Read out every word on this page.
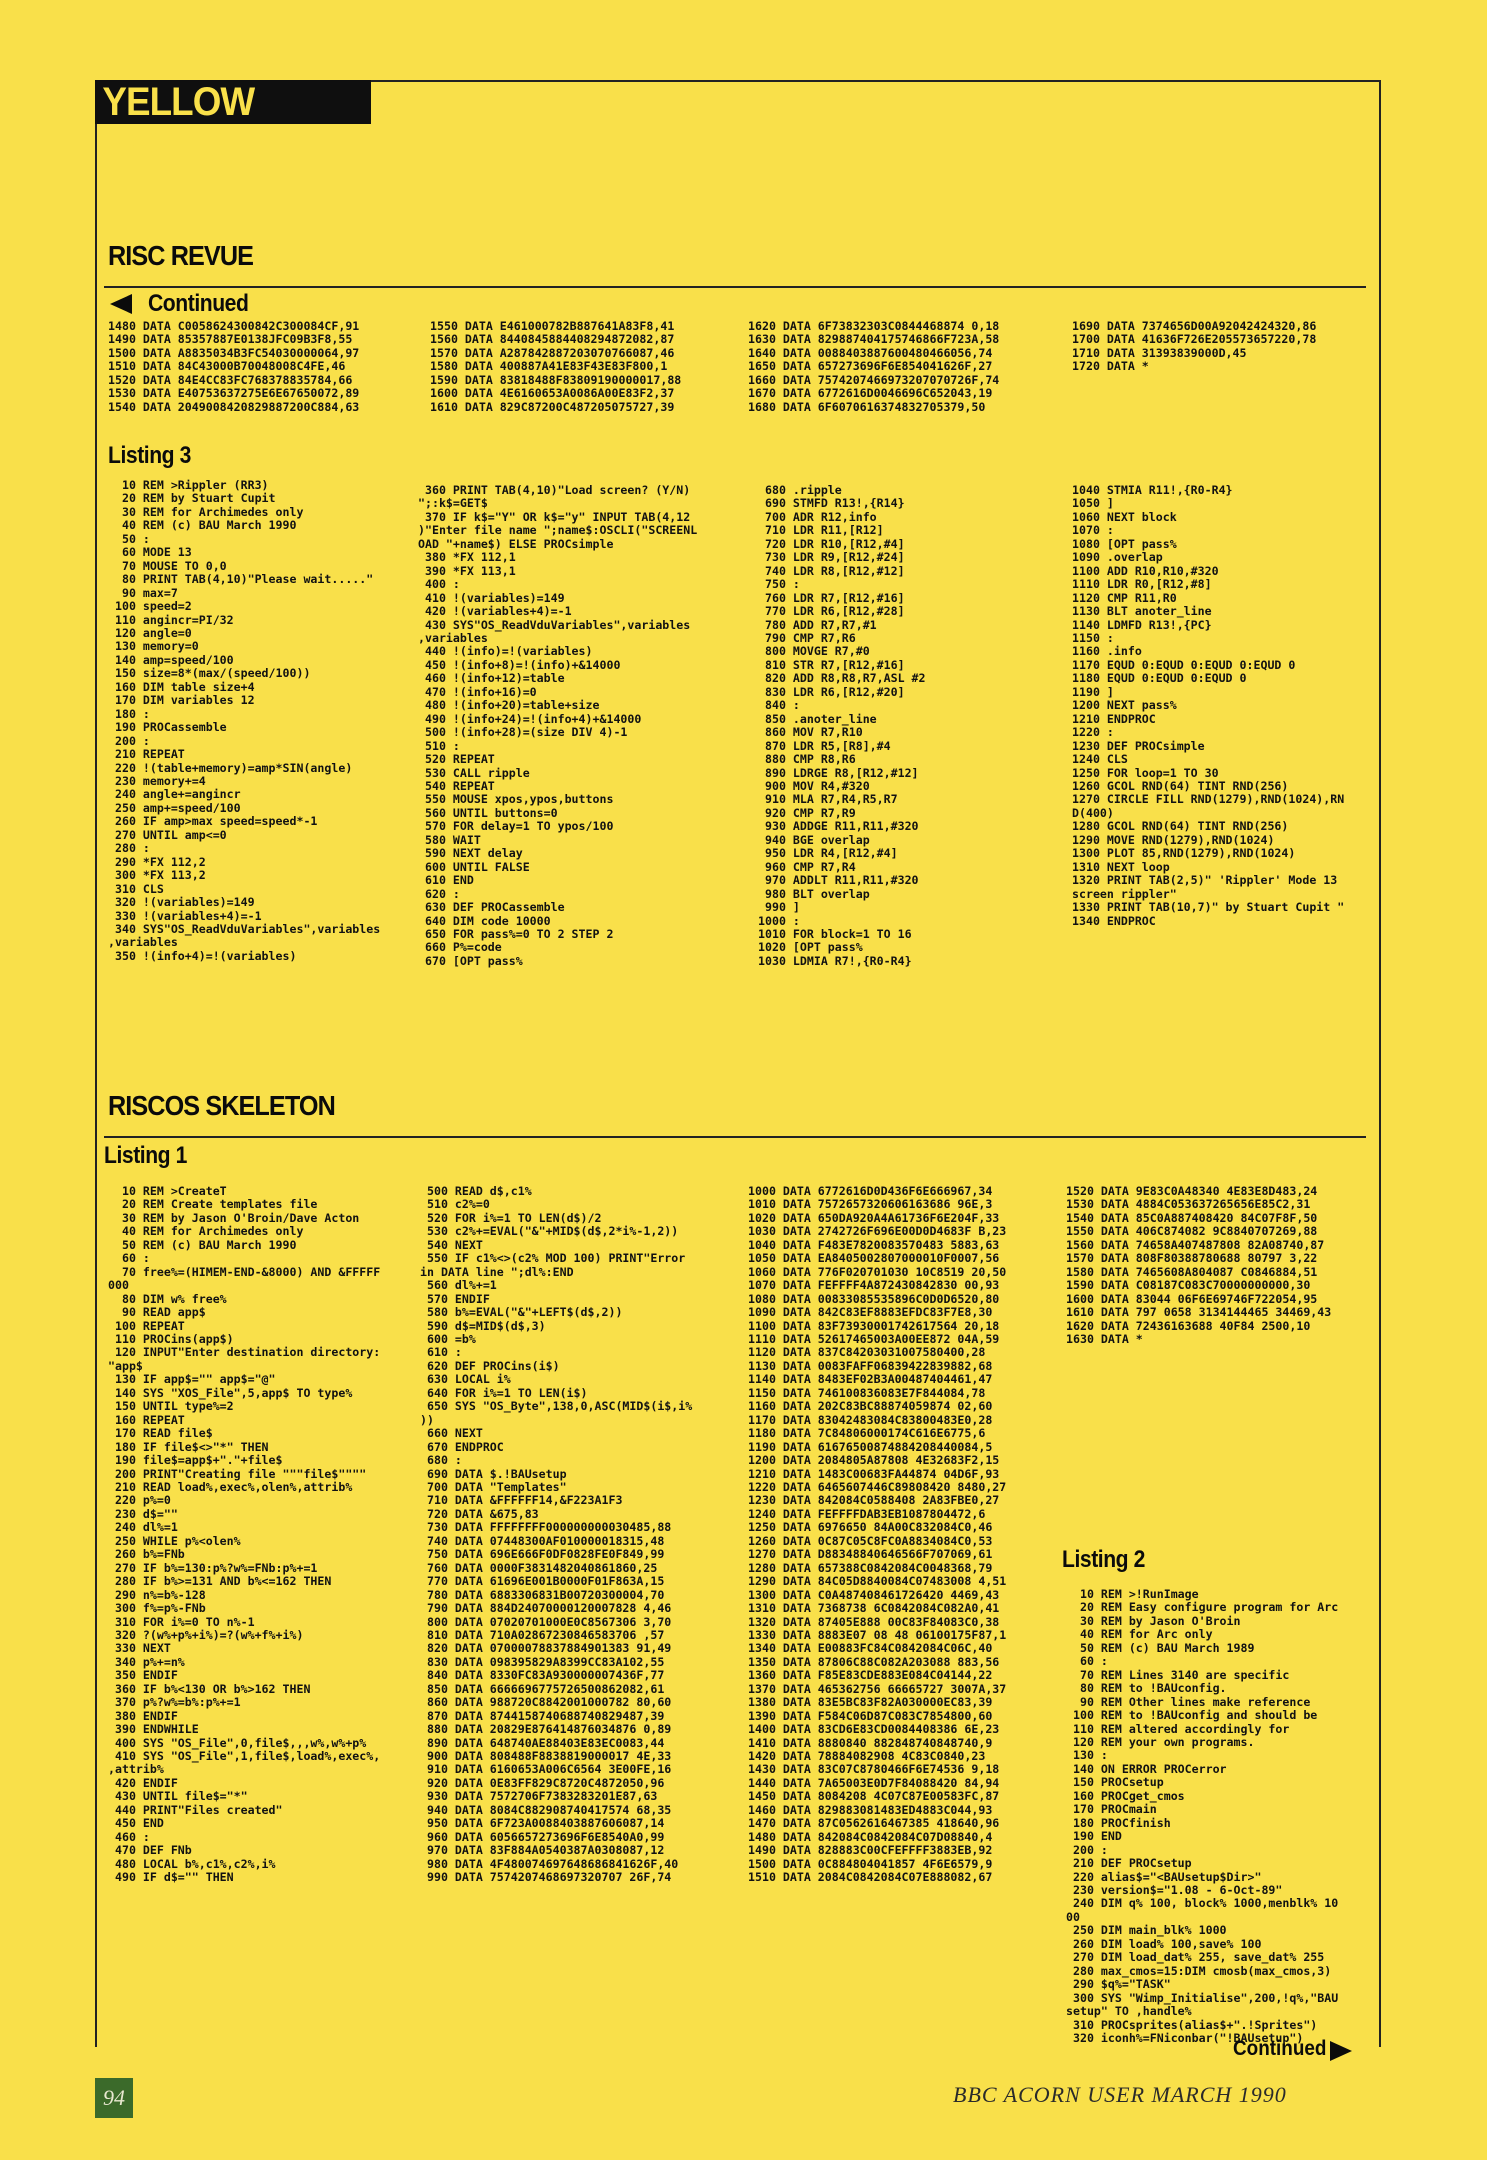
YELLOW PAGES
RISC REVUE
Continued
1480 DATA C0058624300842C300084CF,91
1490 DATA 85357887E0138JFC09B3F8,55
1500 DATA A8835034B3FC54030000064,97
1510 DATA 84C43000B70048008C4FE,46
1520 DATA 84E4CC83FC768378835784,66
1530 DATA E40753637275E6E67650072,89
1540 DATA 2049008420829887200C884,63
1550 DATA E461000782B887641A83F8,41
1560 DATA 8440845884408294872082,87
1570 DATA A287842887203070766087,46
1580 DATA 400887A41E83F43E83F800,1
1590 DATA 83818488F83809190000017,88
1600 DATA 4E6160653A0086A00E83F2,37
1610 DATA 829C87200C487205075727,39
1620 DATA 6F73832303C0844468874 0,18
1630 DATA 829887404175746866F723A,58
1640 DATA 0088403887600480466056,74
1650 DATA 657273696F6E854041626F,27
1660 DATA 7574207466973207070726F,74
1670 DATA 6772616D0046696C652043,19
1680 DATA 6F6070616374832705379,50
1690 DATA 7374656D00A92042424320,86
1700 DATA 41636F726E205573657220,78
1710 DATA 31393839000D,45
1720 DATA *
Listing 3
10 REM >Rippler (RR3)
20 REM by Stuart Cupit
30 REM for Archimedes only
40 REM (c) BAU March 1990
50 :
60 MODE 13
70 MOUSE TO 0,0
80 PRINT TAB(4,10)"Please wait....."
90 max=7
100 speed=2
110 angincr=PI/32
120 angle=0
130 memory=0
140 amp=speed/100
150 size=8*(max/(speed/100))
160 DIM table size+4
170 DIM variables 12
180 :
190 PROCassemble
200 :
210 REPEAT
220 !(table+memory)=amp*SIN(angle)
230 memory+=4
240 angle+=angincr
250 amp+=speed/100
260 IF amp>max speed=speed*-1
270 UNTIL amp<=0
280 :
290 *FX 112,2
300 *FX 113,2
310 CLS
320 !(variables)=149
330 !(variables+4)=-1
340 SYS"OS_ReadVduVariables",variables
,variables
350 !(info+4)=!(variables)
360 PRINT TAB(4,10)"Load screen? (Y/N)
";:k$=GET$
370 IF k$="Y" OR k$="y" INPUT TAB(4,12
)"Enter file name ";name$:OSCLI("SCREENL
OAD "+name$) ELSE PROCsimple
380 *FX 112,1
390 *FX 113,1
400 :
410 !(variables)=149
420 !(variables+4)=-1
430 SYS"OS_ReadVduVariables",variables
,variables
440 !(info)=!(variables)
450 !(info+8)=!(info)+&14000
460 !(info+12)=table
470 !(info+16)=0
480 !(info+20)=table+size
490 !(info+24)=!(info+4)+&14000
500 !(info+28)=(size DIV 4)-1
510 :
520 REPEAT
530 CALL ripple
540 REPEAT
550 MOUSE xpos,ypos,buttons
560 UNTIL buttons=0
570 FOR delay=1 TO ypos/100
580 WAIT
590 NEXT delay
600 UNTIL FALSE
610 END
620 :
630 DEF PROCassemble
640 DIM code 10000
650 FOR pass%=0 TO 2 STEP 2
660 P%=code
670 [OPT pass%
680 .ripple
690 STMFD R13!,{R14}
700 ADR R12,info
710 LDR R11,[R12]
720 LDR R10,[R12,#4]
730 LDR R9,[R12,#24]
740 LDR R8,[R12,#12]
750 :
760 LDR R7,[R12,#16]
770 LDR R6,[R12,#28]
780 ADD R7,R7,#1
790 CMP R7,R6
800 MOVGE R7,#0
810 STR R7,[R12,#16]
820 ADD R8,R8,R7,ASL #2
830 LDR R6,[R12,#20]
840 :
850 .anoter_line
860 MOV R7,R10
870 LDR R5,[R8],#4
880 CMP R8,R6
890 LDRGE R8,[R12,#12]
900 MOV R4,#320
910 MLA R7,R4,R5,R7
920 CMP R7,R9
930 ADDGE R11,R11,#320
940 BGE overlap
950 LDR R4,[R12,#4]
960 CMP R7,R4
970 ADDLT R11,R11,#320
980 BLT overlap
990 ]
1000 :
1010 FOR block=1 TO 16
1020 [OPT pass%
1030 LDMIA R7!,{R0-R4}
1040 STMIA R11!,{R0-R4}
1050 ]
1060 NEXT block
1070 :
1080 [OPT pass%
1090 .overlap
1100 ADD R10,R10,#320
1110 LDR R0,[R12,#8]
1120 CMP R11,R0
1130 BLT anoter_line
1140 LDMFD R13!,{PC}
1150 :
1160 .info
1170 EQUD 0:EQUD 0:EQUD 0:EQUD 0
1180 EQUD 0:EQUD 0:EQUD 0
1190 ]
1200 NEXT pass%
1210 ENDPROC
1220 :
1230 DEF PROCsimple
1240 CLS
1250 FOR loop=1 TO 30
1260 GCOL RND(64) TINT RND(256)
1270 CIRCLE FILL RND(1279),RND(1024),RN
D(400)
1280 GCOL RND(64) TINT RND(256)
1290 MOVE RND(1279),RND(1024)
1300 PLOT 85,RND(1279),RND(1024)
1310 NEXT loop
1320 PRINT TAB(2,5)" 'Rippler' Mode 13
screen rippler"
1330 PRINT TAB(10,7)" by Stuart Cupit "
1340 ENDPROC
RISCOS SKELETON
Listing 1
10 REM >CreateT
20 REM Create templates file
30 REM by Jason O'Broin/Dave Acton
40 REM for Archimedes only
50 REM (c) BAU March 1990
60 :
70 free%=(HIMEM-END-&8000) AND &FFFFF
000
80 DIM w% free%
90 READ app$
100 REPEAT
110 PROCins(app$)
120 INPUT"Enter destination directory:
"app$
130 IF app$="" app$="@"
140 SYS "XOS_File",5,app$ TO type%
150 UNTIL type%=2
160 REPEAT
170 READ file$
180 IF file$<>"*" THEN
190 file$=app$+"."+file$
200 PRINT"Creating file """file$""""
210 READ load%,exec%,olen%,attrib%
220 p%=0
230 d$=""
240 dl%=1
250 WHILE p%<olen%
260 b%=FNb
270 IF b%=130:p%?w%=FNb:p%+=1
280 IF b%>=131 AND b%<=162 THEN
290 n%=b%-128
300 f%=p%-FNb
310 FOR i%=0 TO n%-1
320 ?(w%+p%+i%)=?(w%+f%+i%)
330 NEXT
340 p%+=n%
350 ENDIF
360 IF b%<130 OR b%>162 THEN
370 p%?w%=b%:p%+=1
380 ENDIF
390 ENDWHILE
400 SYS "OS_File",0,file$,,,w%,w%+p%
410 SYS "OS_File",1,file$,load%,exec%,
,attrib%
420 ENDIF
430 UNTIL file$="*"
440 PRINT"Files created"
450 END
460 :
470 DEF FNb
480 LOCAL b%,c1%,c2%,i%
490 IF d$="" THEN
500 READ d$,c1%
510 c2%=0
520 FOR i%=1 TO LEN(d$)/2
530 c2%+=EVAL("&"+MID$(d$,2*i%-1,2))
540 NEXT
550 IF c1%<>(c2% MOD 100) PRINT"Error
in DATA line ";dl%:END
560 dl%+=1
570 ENDIF
580 b%=EVAL("&"+LEFT$(d$,2))
590 d$=MID$(d$,3)
600 =b%
610 :
620 DEF PROCins(i$)
630 LOCAL i%
640 FOR i%=1 TO LEN(i$)
650 SYS "OS_Byte",138,0,ASC(MID$(i$,i%
))
660 NEXT
670 ENDPROC
680 :
690 DATA $.!BAUsetup
700 DATA "Templates"
710 DATA &FFFFFF14,&F223A1F3
720 DATA &675,83
730 DATA FFFFFFFF000000000030485,88
740 DATA 07448300AF010000018315,48
750 DATA 696E666F0DF0828FE0F849,99
760 DATA 0000F3831482040861860,25
770 DATA 61696E001B0000F01F863A,15
780 DATA 6883306831B00720300004,70
790 DATA 884D24070000120007828 4,46
800 DATA 07020701000E0C8567306 3,70
810 DATA 710A02867230846583706 ,57
820 DATA 07000078837884901383 91,49
830 DATA 098395829A8399CC83A102,55
840 DATA 8330FC83A930000007436F,77
850 DATA 6666696775726500862082,61
860 DATA 988720C8842001000782 80,60
870 DATA 8744158740688740829487,39
880 DATA 20829E876414876034876 0,89
890 DATA 648740AE88403E83EC0083,44
900 DATA 808488F8838819000017 4E,33
910 DATA 6160653A006C6564 3E00FE,16
920 DATA 0E83FF829C8720C4872050,96
930 DATA 7572706F7383283201E87,63
940 DATA 8084C882908740417574 68,35
950 DATA 6F723A0088403887606087,14
960 DATA 6056657273696F6E8540A0,99
970 DATA 83F884A0540387A0308087,12
980 DATA 4F480074697648686841626F,40
990 DATA 7574207468697320707 26F,74
1000 DATA 6772616D0D436F6E666967,34
1010 DATA 7572657320606163686 96E,3
1020 DATA 650DA920A4A61736F6E204F,33
1030 DATA 2742726F696E00D0D4683F B,23
1040 DATA F483E7820083570483 5883,63
1050 DATA EA8405002807000010F0007,56
1060 DATA 776F020701030 10C8519 20,50
1070 DATA FEFFFF4A872430842830 00,93
1080 DATA 00833085535896C0D0D6520,80
1090 DATA 842C83EF8883EFDC83F7E8,30
1100 DATA 83F73930001742617564 20,18
1110 DATA 52617465003A00EE872 04A,59
1120 DATA 837C84203031007580400,28
1130 DATA 0083FAFF06839422839882,68
1140 DATA 8483EF02B3A00487404461,47
1150 DATA 746100836083E7F844084,78
1160 DATA 202C83BC88874059874 02,60
1170 DATA 83042483084C83800483E0,28
1180 DATA 7C84806000174C616E6775,6
1190 DATA 61676500874884208440084,5
1200 DATA 2084805A87808 4E32683F2,15
1210 DATA 1483C00683FA44874 04D6F,93
1220 DATA 6465607446C89808420 8480,27
1230 DATA 842084C0588408 2A83FBE0,27
1240 DATA FEFFFFDAB3EB1087804472,6
1250 DATA 6976650 84A00C832084C0,46
1260 DATA 0C87C05C8FC0A8834084C0,53
1270 DATA D88348840646566F707069,61
1280 DATA 657388C0842084C0048368,79
1290 DATA 84C05D8840084C07483008 4,51
1300 DATA C0A487408461726420 4469,43
1310 DATA 7368738 6C0842084C082A0,41
1320 DATA 87405E888 00C83F84083C0,38
1330 DATA 8883E07 08 48 06100175F87,1
1340 DATA E00883FC84C0842084C06C,40
1350 DATA 87806C88C082A203088 883,56
1360 DATA F85E83CDE883E084C04144,22
1370 DATA 465362756 66665727 3007A,37
1380 DATA 83E5BC83F82A030000EC83,39
1390 DATA F584C06D87C083C7854800,60
1400 DATA 83CD6E83CD0084408386 6E,23
1410 DATA 8880840 882848740848740,9
1420 DATA 78884082908 4C83C0840,23
1430 DATA 83C07C8780466F6E74536 9,18
1440 DATA 7A65003E0D7F84088420 84,94
1450 DATA 8084208 4C07C87E00583FC,87
1460 DATA 829883081483ED4883C044,93
1470 DATA 87C0562616467385 418640,96
1480 DATA 842084C0842084C07D08840,4
1490 DATA 828883C00CFEFFFF3883EB,92
1500 DATA 0C884804041857 4F6E6579,9
1510 DATA 2084C0842084C07E888082,67
1520 DATA 9E83C0A48340 4E83E8D483,24
1530 DATA 4884C053637265656E85C2,31
1540 DATA 85C0A887408420 84C07F8F,50
1550 DATA 406C874082 9C8840707269,88
1560 DATA 74658A407487808 82A08740,87
1570 DATA 808F80388780688 80797 3,22
1580 DATA 7465608A804087 C0846884,51
1590 DATA C08187C083C70000000000,30
1600 DATA 83044 06F6E69746F722054,95
1610 DATA 797 0658 3134144465 34469,43
1620 DATA 72436163688 40F84 2500,10
1630 DATA *
Listing 2
10 REM >!RunImage
20 REM Easy configure program for Arc
30 REM by Jason O'Broin
40 REM for Arc only
50 REM (c) BAU March 1989
60 :
70 REM Lines 3140 are specific
80 REM to !BAUconfig.
90 REM Other lines make reference
100 REM to !BAUconfig and should be
110 REM altered accordingly for
120 REM your own programs.
130 :
140 ON ERROR PROCerror
150 PROCsetup
160 PROCget_cmos
170 PROCmain
180 PROCfinish
190 END
200 :
210 DEF PROCsetup
220 alias$="<BAUsetup$Dir>"
230 version$="1.08 - 6-Oct-89"
240 DIM q% 100, block% 1000,menblk% 10
00
250 DIM main_blk% 1000
260 DIM load% 100,save% 100
270 DIM load_dat% 255, save_dat% 255
280 max_cmos=15:DIM cmosb(max_cmos,3)
290 $q%="TASK"
300 SYS "Wimp_Initialise",200,!q%,"BAU
setup" TO ,handle%
310 PROCsprites(alias$+".!Sprites")
320 iconh%=FNiconbar("!BAUsetup")
Continued
94	BBC ACORN USER MARCH 1990
